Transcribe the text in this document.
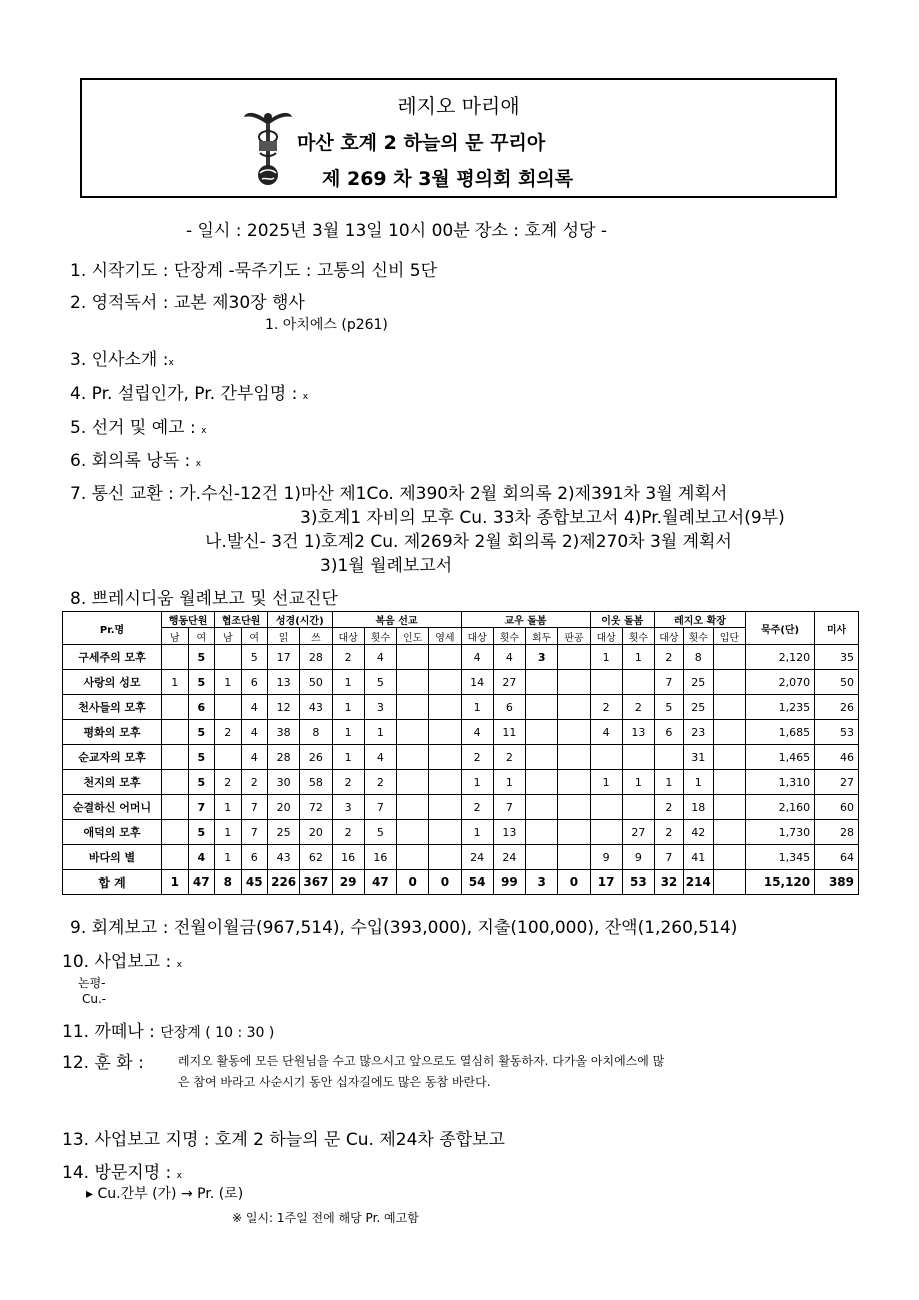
레지오 마리애
마산 호계 2 하늘의 문 꾸리아
제 269 차 3월 평의회 회의록
- 일시 : 2025년 3월 13일 10시 00분 장소 : 호계 성당 -
1. 시작기도 : 단장계 -묵주기도 : 고통의 신비 5단
2. 영적독서 : 교본 제30장 행사
1. 아치에스 (p261)
3. 인사소개 :x
4. Pr. 설립인가, Pr. 간부임명 : x
5. 선거 및 예고 : x
6. 회의록 낭독 : x
7. 통신 교환 : 가.수신-12건 1)마산 제1Co. 제390차 2월 회의록 2)제391차 3월 계획서
3)호계1 자비의 모후 Cu. 33차 종합보고서 4)Pr.월례보고서(9부)
나.발신- 3건 1)호계2 Cu. 제269차 2월 회의록 2)제270차 3월 계획서
3)1월 월례보고서
8. 쁘레시디움 월례보고 및 선교진단
Pr.명	행동단원		협조단원		성경(시간)		복음 선교				교우 돌봄				이웃 돌봄		레지오 확장			묵주(단)	미사
	남	여	남	여	읽	쓰	대상	횟수	인도	영세	대상	횟수	회두	판공	대상	횟수	대상	횟수	입단		
구세주의 모후		5		5	17	28	2	4			4	4	3		1	1	2	8		2,120	35
사랑의 성모	1	5	1	6	13	50	1	5			14	27					7	25		2,070	50
천사들의 모후		6		4	12	43	1	3			1	6			2	2	5	25		1,235	26
평화의 모후		5	2	4	38	8	1	1			4	11			4	13	6	23		1,685	53
순교자의 모후		5		4	28	26	1	4			2	2						31		1,465	46
천지의 모후		5	2	2	30	58	2	2			1	1			1	1	1	1		1,310	27
순결하신 어머니		7	1	7	20	72	3	7			2	7					2	18		2,160	60
애덕의 모후		5	1	7	25	20	2	5			1	13				27	2	42		1,730	28
바다의 별		4	1	6	43	62	16	16			24	24			9	9	7	41		1,345	64
합 계	1	47	8	45	226	367	29	47	0	0	54	99	3	0	17	53	32	214		15,120	389
9. 회계보고 : 전월이월금(967,514), 수입(393,000), 지출(100,000), 잔액(1,260,514)
10. 사업보고 : x
논평-
Cu.-
11. 까떼나 : 단장계 ( 10 : 30 )
12. 훈 화 :	레지오 활동에 모든 단원님을 수고 많으시고 앞으로도 열심히 활동하자. 다가올 아치에스에 많
은 참여 바라고 사순시기 동안 십자길에도 많은 동참 바란다.
13. 사업보고 지명 : 호계 2 하늘의 문 Cu. 제24차 종합보고
14. 방문지명 : x
▸ Cu.간부 (가) → Pr. (로)
※ 일시: 1주일 전에 해당 Pr. 예고함
